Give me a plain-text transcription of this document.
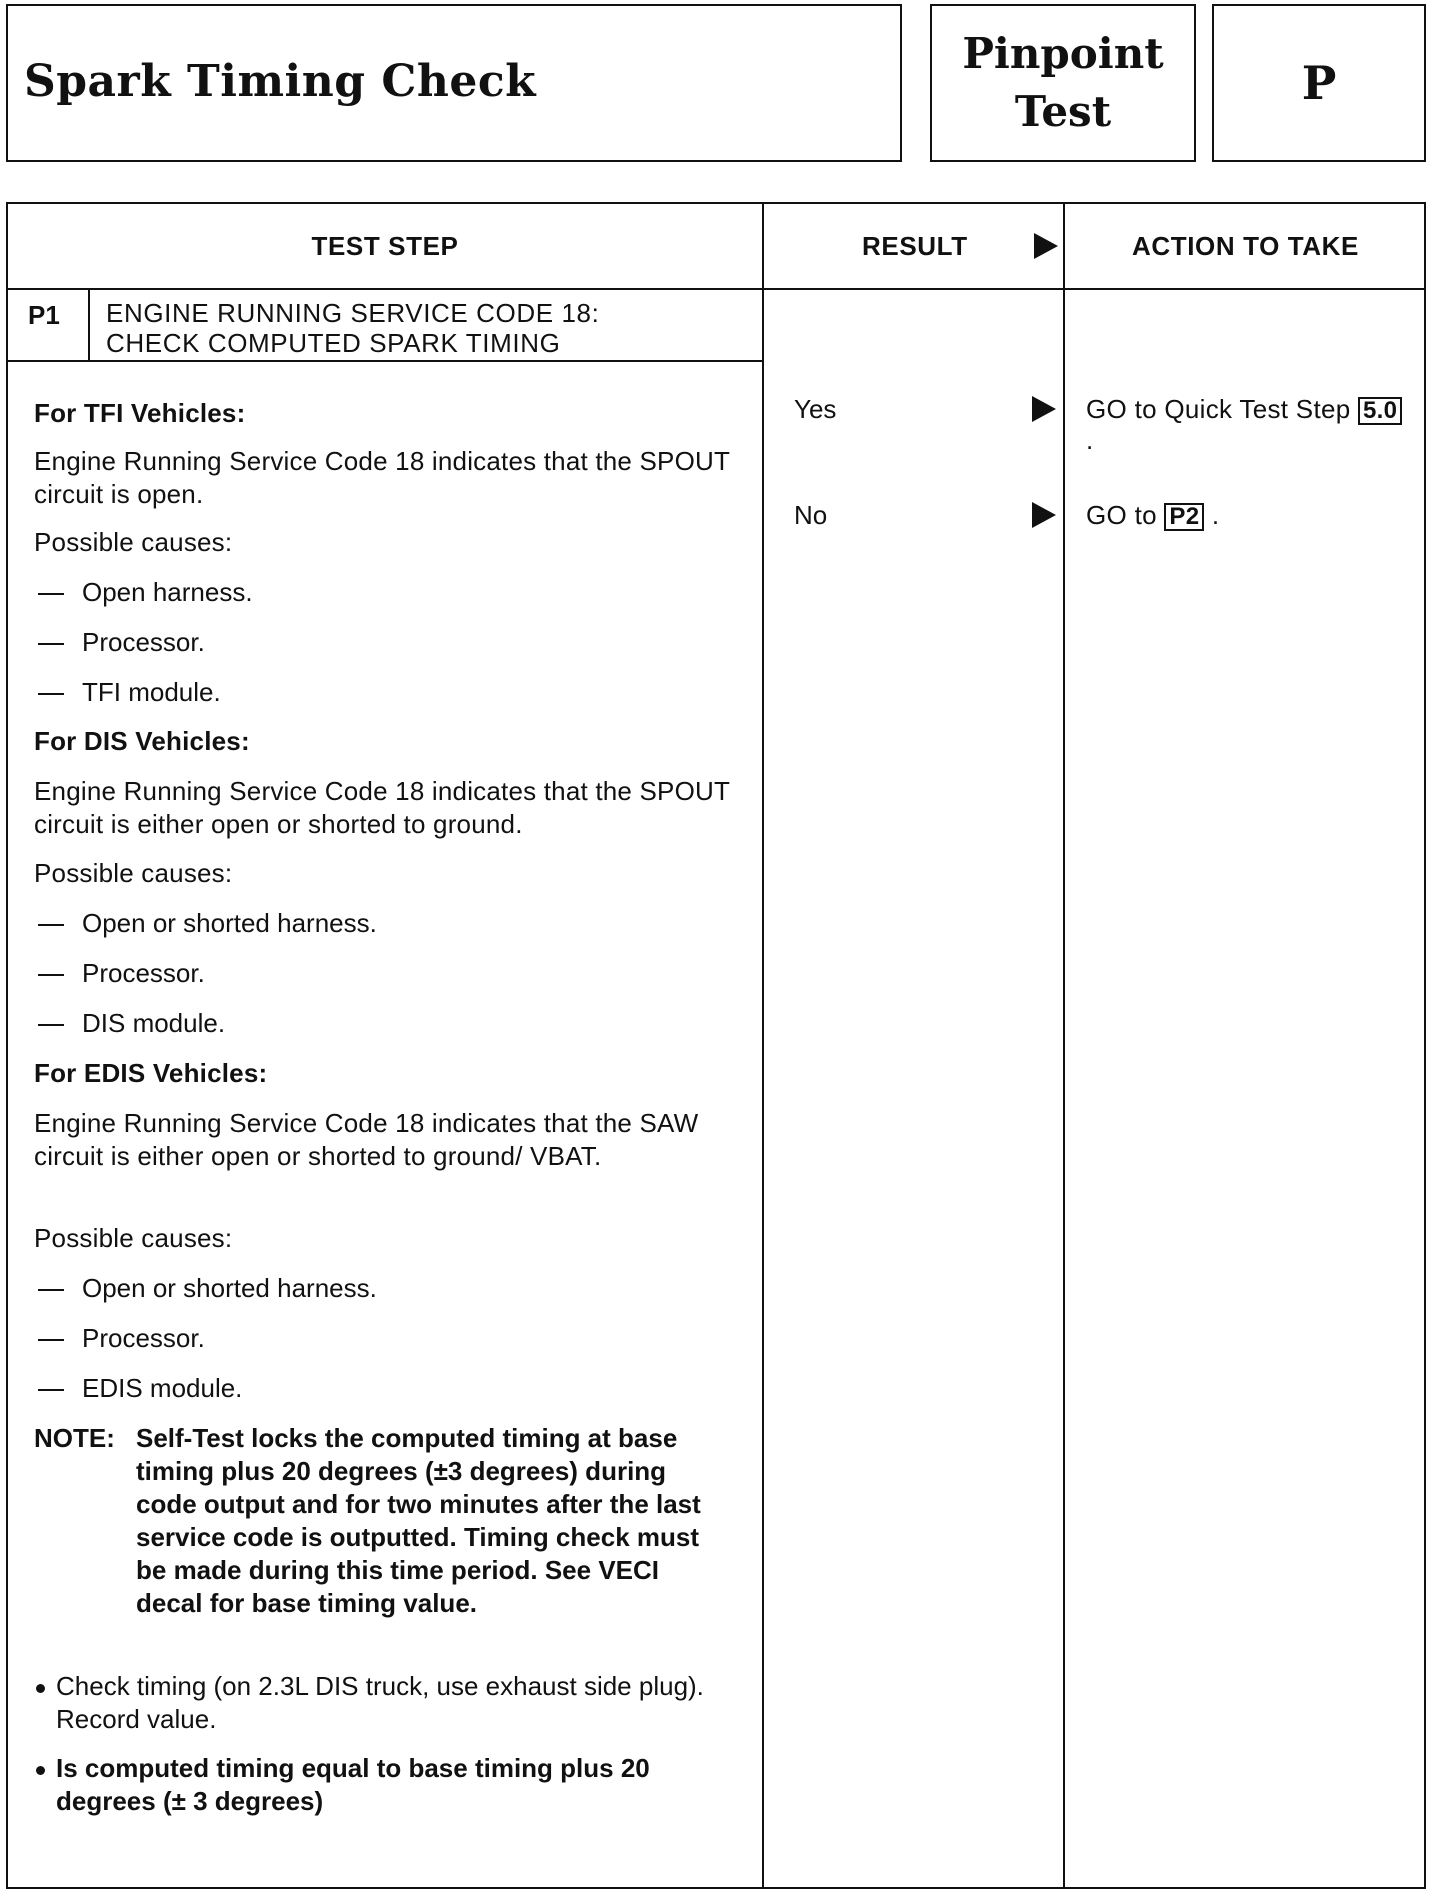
Spark Timing Check
Pinpoint
Test
P
TEST STEP	RESULT	ACTION TO TAKE
P1 ENGINE RUNNING SERVICE CODE 18:
CHECK COMPUTED SPARK TIMING
For TFI Vehicles:
Engine Running Service Code 18 indicates that the SPOUT circuit is open.
Possible causes:
Open harness.
Processor.
TFI module.
For DIS Vehicles:
Engine Running Service Code 18 indicates that the SPOUT circuit is either open or shorted to ground.
Possible causes:
Open or shorted harness.
Processor.
DIS module.
For EDIS Vehicles:
Engine Running Service Code 18 indicates that the SAW circuit is either open or shorted to ground/ VBAT.
Possible causes:
Open or shorted harness.
Processor.
EDIS module.
NOTE: Self-Test locks the computed timing at base timing plus 20 degrees (±3 degrees) during code output and for two minutes after the last service code is outputted. Timing check must be made during this time period. See VECI decal for base timing value.
Check timing (on 2.3L DIS truck, use exhaust side plug). Record value.
Is computed timing equal to base timing plus 20 degrees (± 3 degrees)
Yes	GO to Quick Test Step 5.0 .
No	GO to P2 .
